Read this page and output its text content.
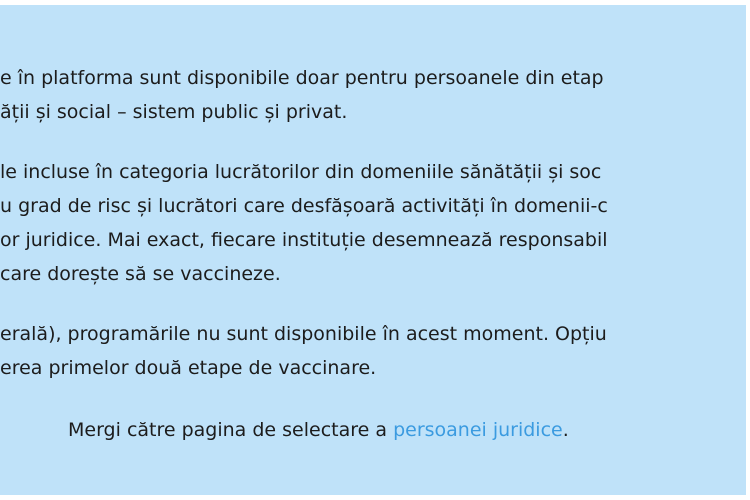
e în platforma sunt disponibile doar pentru persoanele din etap
ății și social – sistem public și privat.

le incluse în categoria lucrătorilor din domeniile sănătății și soc
u grad de risc și lucrători care desfășoară activități în domenii-c
or juridice. Mai exact, fiecare instituție desemnează responsabil
care dorește să se vaccineze.

erală), programările nu sunt disponibile în acest moment. Opțiu
erea primelor două etape de vaccinare.

Mergi către pagina de selectare a persoanei juridice.
